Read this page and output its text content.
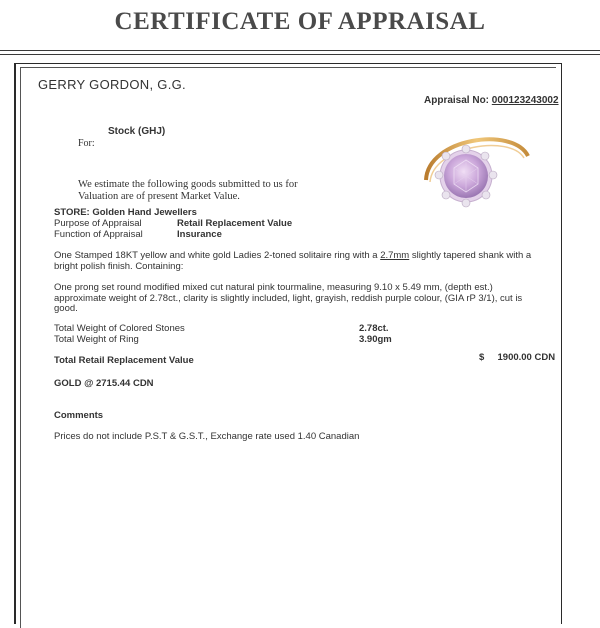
CERTIFICATE OF APPRAISAL
GERRY GORDON, G.G.
Appraisal No: 000123243002
Stock (GHJ)
For:
We estimate the following goods submitted to us for Valuation are of present Market Value.
STORE: Golden Hand Jewellers
Purpose of Appraisal	Retail Replacement Value
Function of Appraisal	Insurance
One Stamped 18KT yellow and white gold Ladies 2-toned solitaire ring with a 2.7mm slightly tapered shank with a bright polish finish. Containing:
One prong set round modified mixed cut natural pink tourmaline, measuring 9.10 x 5.49 mm, (depth est.) approximate weight of 2.78ct., clarity is slightly included, light, grayish, reddish purple colour, (GIA rP 3/1), cut is good.
Total Weight of Colored Stones	2.78ct.
Total Weight of Ring	3.90gm
Total Retail Replacement Value	$ 1900.00 CDN
GOLD @ 2715.44 CDN
Comments
Prices do not include P.S.T & G.S.T., Exchange rate used 1.40 Canadian
